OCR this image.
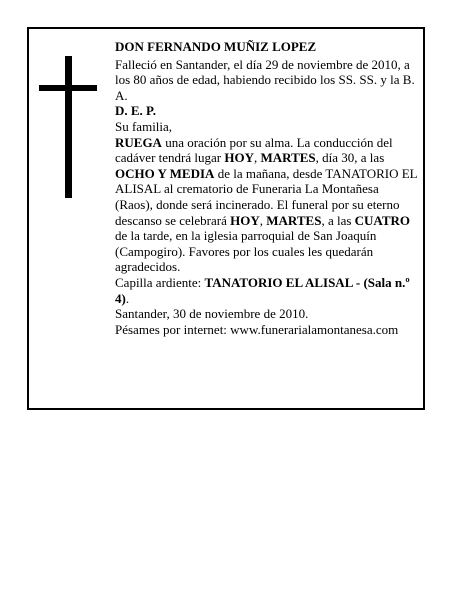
DON FERNANDO MUÑIZ LOPEZ

Falleció en Santander, el día 29 de noviembre de 2010, a los 80 años de edad, habiendo recibido los SS. SS. y la B. A.

D. E. P.

Su familia,

RUEGA una oración por su alma. La conducción del cadáver tendrá lugar HOY, MARTES, día 30, a las OCHO Y MEDIA de la mañana, desde TANATORIO EL ALISAL al crematorio de Funeraria La Montañesa (Raos), donde será incinerado. El funeral por su eterno descanso se celebrará HOY, MARTES, a las CUATRO de la tarde, en la iglesia parroquial de San Joaquín (Campogiro). Favores por los cuales les quedarán agradecidos.

Capilla ardiente: TANATORIO EL ALISAL - (Sala n.º 4).

Santander, 30 de noviembre de 2010.

Pésames por internet: www.funerarialamontanesa.com
